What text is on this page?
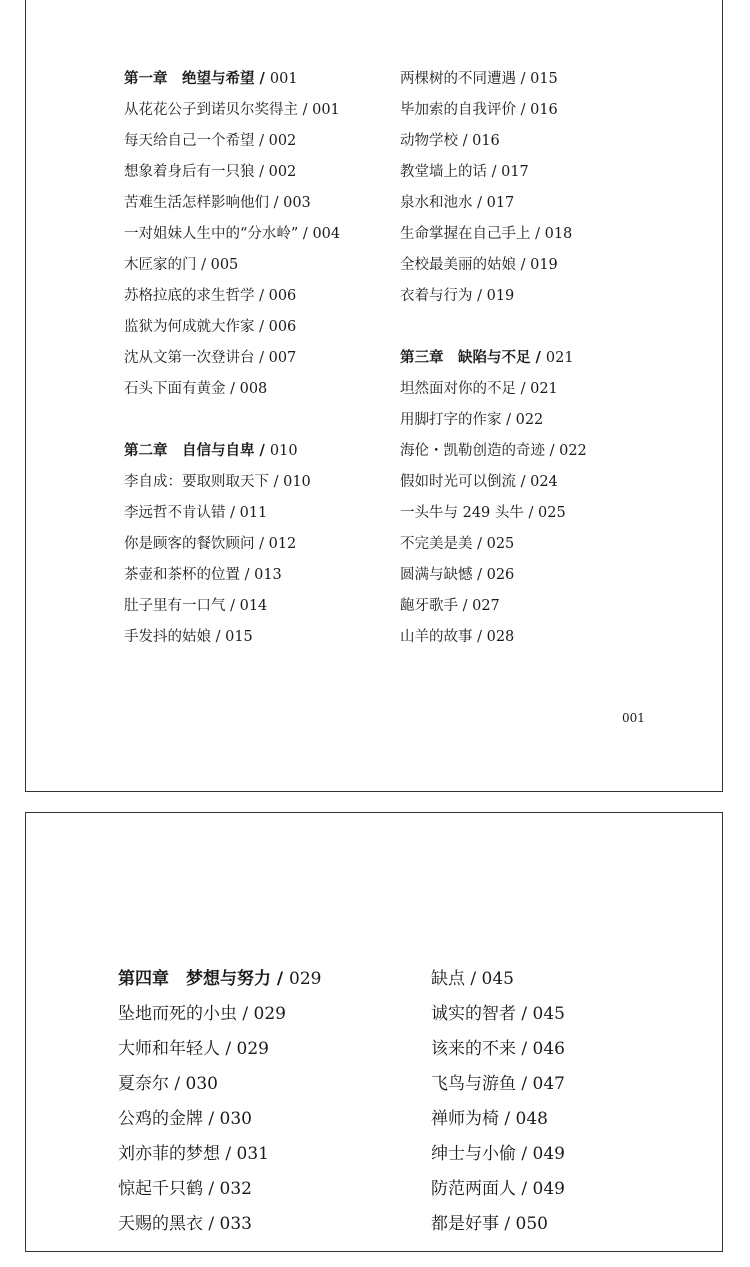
第一章　绝望与希望 / 001
从花花公子到诺贝尔奖得主 / 001
每天给自己一个希望 / 002
想象着身后有一只狼 / 002
苦难生活怎样影响他们 / 003
一对姐妹人生中的“分水岭” / 004
木匠家的门 / 005
苏格拉底的求生哲学 / 006
监狱为何成就大作家 / 006
沈从文第一次登讲台 / 007
石头下面有黄金 / 008
第二章　自信与自卑 / 010
李自成：要取则取天下 / 010
李远哲不肯认错 / 011
你是顾客的餐饮顾问 / 012
茶壶和茶杯的位置 / 013
肚子里有一口气 / 014
手发抖的姑娘 / 015
两棵树的不同遭遇 / 015
毕加索的自我评价 / 016
动物学校 / 016
教堂墙上的话 / 017
泉水和池水 / 017
生命掌握在自己手上 / 018
全校最美丽的姑娘 / 019
衣着与行为 / 019
第三章　缺陷与不足 / 021
坦然面对你的不足 / 021
用脚打字的作家 / 022
海伦・凯勒创造的奇迹 / 022
假如时光可以倒流 / 024
一头牛与 249 头牛 / 025
不完美是美 / 025
圆满与缺憾 / 026
龅牙歌手 / 027
山羊的故事 / 028
001
第四章　梦想与努力 / 029
坠地而死的小虫 / 029
大师和年轻人 / 029
夏奈尔 / 030
公鸡的金牌 / 030
刘亦菲的梦想 / 031
惊起千只鹤 / 032
天赐的黑衣 / 033
缺点 / 045
诚实的智者 / 045
该来的不来 / 046
飞鸟与游鱼 / 047
禅师为椅 / 048
绅士与小偷 / 049
防范两面人 / 049
都是好事 / 050
